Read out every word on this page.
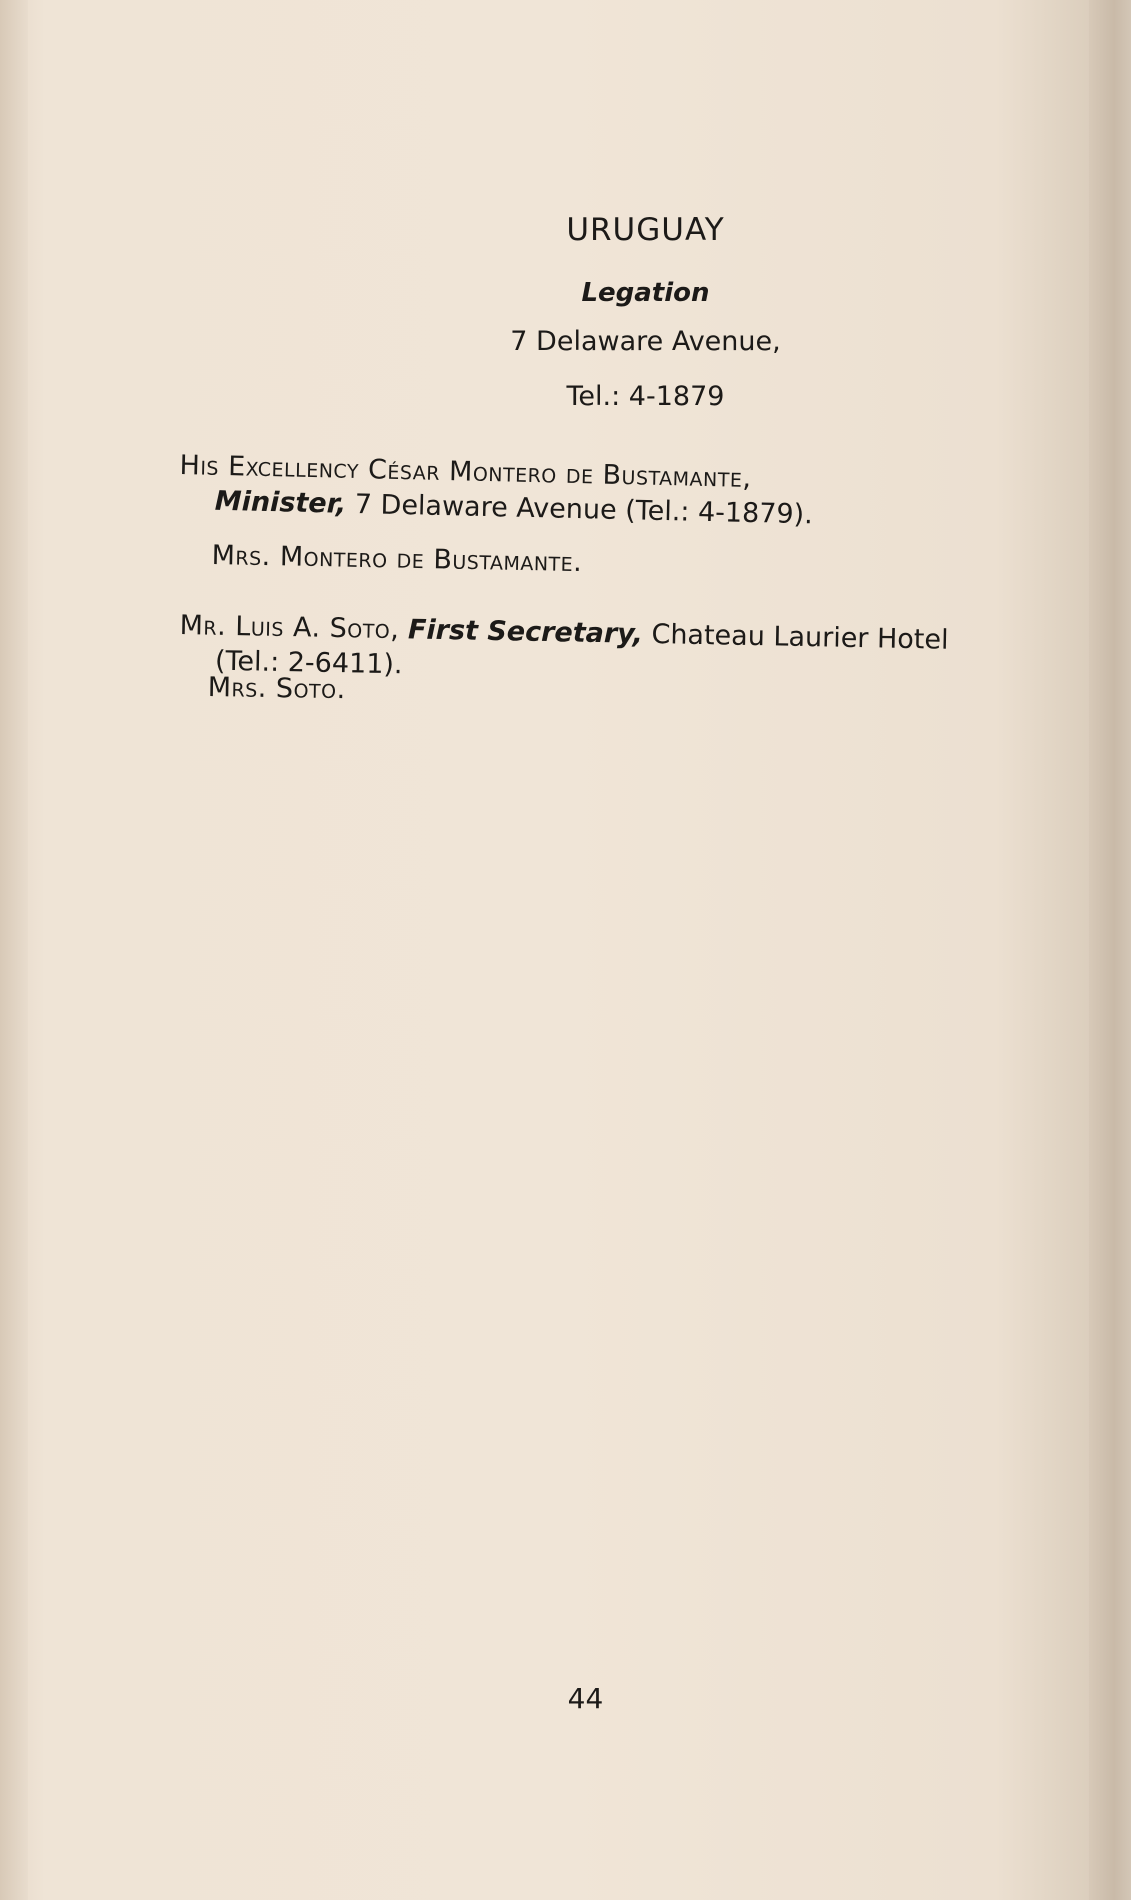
URUGUAY
Legation
7 Delaware Avenue,
Tel.: 4-1879
His Excellency César Montero de Bustamante,
Minister, 7 Delaware Avenue (Tel.: 4-1879).
Mrs. Montero de Bustamante.
Mr. Luis A. Soto, First Secretary, Chateau Laurier Hotel
(Tel.: 2-6411).
Mrs. Soto.
44
